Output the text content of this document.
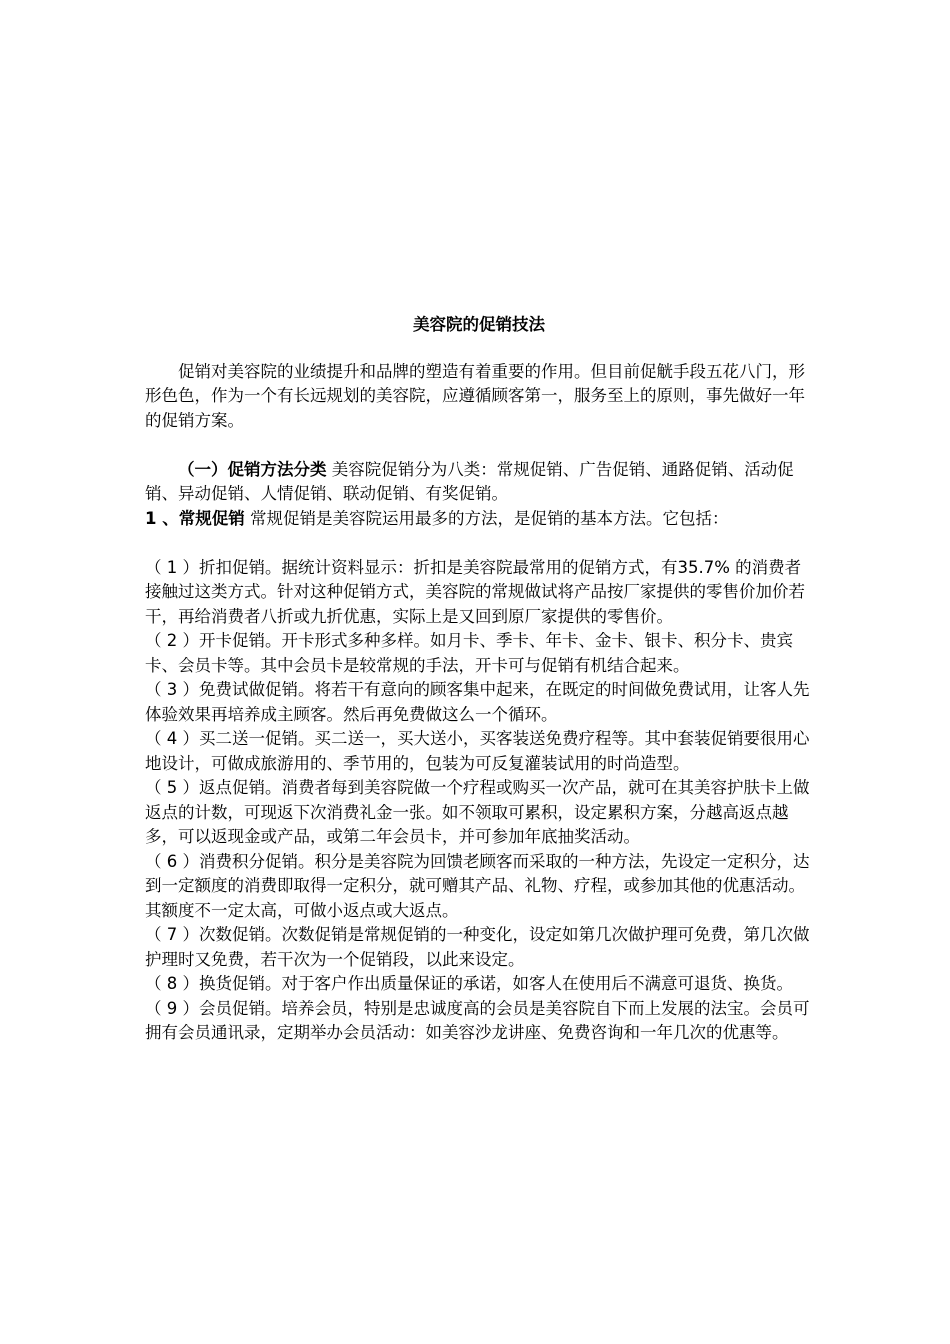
美容院的促销技法

促销对美容院的业绩提升和品牌的塑造有着重要的作用。但目前促觥手段五花八门，形形色色，作为一个有长远规划的美容院，应遵循顾客第一，服务至上的原则，事先做好一年的促销方案。

（一）促销方法分类 美容院促销分为八类：常规促销、广告促销、通路促销、活动促销、异动促销、人情促销、联动促销、有奖促销。

1 、常规促销 常规促销是美容院运用最多的方法，是促销的基本方法。它包括：

（ 1 ）折扣促销。据统计资料显示：折扣是美容院最常用的促销方式，有35.7% 的消费者接触过这类方式。针对这种促销方式，美容院的常规做试将产品按厂家提供的零售价加价若干，再给消费者八折或九折优惠，实际上是又回到原厂家提供的零售价。

（ 2 ）开卡促销。开卡形式多种多样。如月卡、季卡、年卡、金卡、银卡、积分卡、贵宾卡、会员卡等。其中会员卡是较常规的手法，开卡可与促销有机结合起来。

（ 3 ）免费试做促销。将若干有意向的顾客集中起来，在既定的时间做免费试用，让客人先体验效果再培养成主顾客。然后再免费做这么一个循环。

（ 4 ）买二送一促销。买二送一，买大送小，买客装送免费疗程等。其中套装促销要很用心地设计，可做成旅游用的、季节用的，包装为可反复灌装试用的时尚造型。

（ 5 ）返点促销。消费者每到美容院做一个疗程或购买一次产品，就可在其美容护肤卡上做返点的计数，可现返下次消费礼金一张。如不领取可累积，设定累积方案，分越高返点越多，可以返现金或产品，或第二年会员卡，并可参加年底抽奖活动。

（ 6 ）消费积分促销。积分是美容院为回馈老顾客而采取的一种方法，先设定一定积分，达到一定额度的消费即取得一定积分，就可赠其产品、礼物、疗程，或参加其他的优惠活动。其额度不一定太高，可做小返点或大返点。

（ 7 ）次数促销。次数促销是常规促销的一种变化，设定如第几次做护理可免费，第几次做护理时又免费，若干次为一个促销段，以此来设定。

（ 8 ）换货促销。对于客户作出质量保证的承诺，如客人在使用后不满意可退货、换货。

（ 9 ）会员促销。培养会员，特别是忠诚度高的会员是美容院自下而上发展的法宝。会员可拥有会员通讯录，定期举办会员活动：如美容沙龙讲座、免费咨询和一年几次的优惠等。
